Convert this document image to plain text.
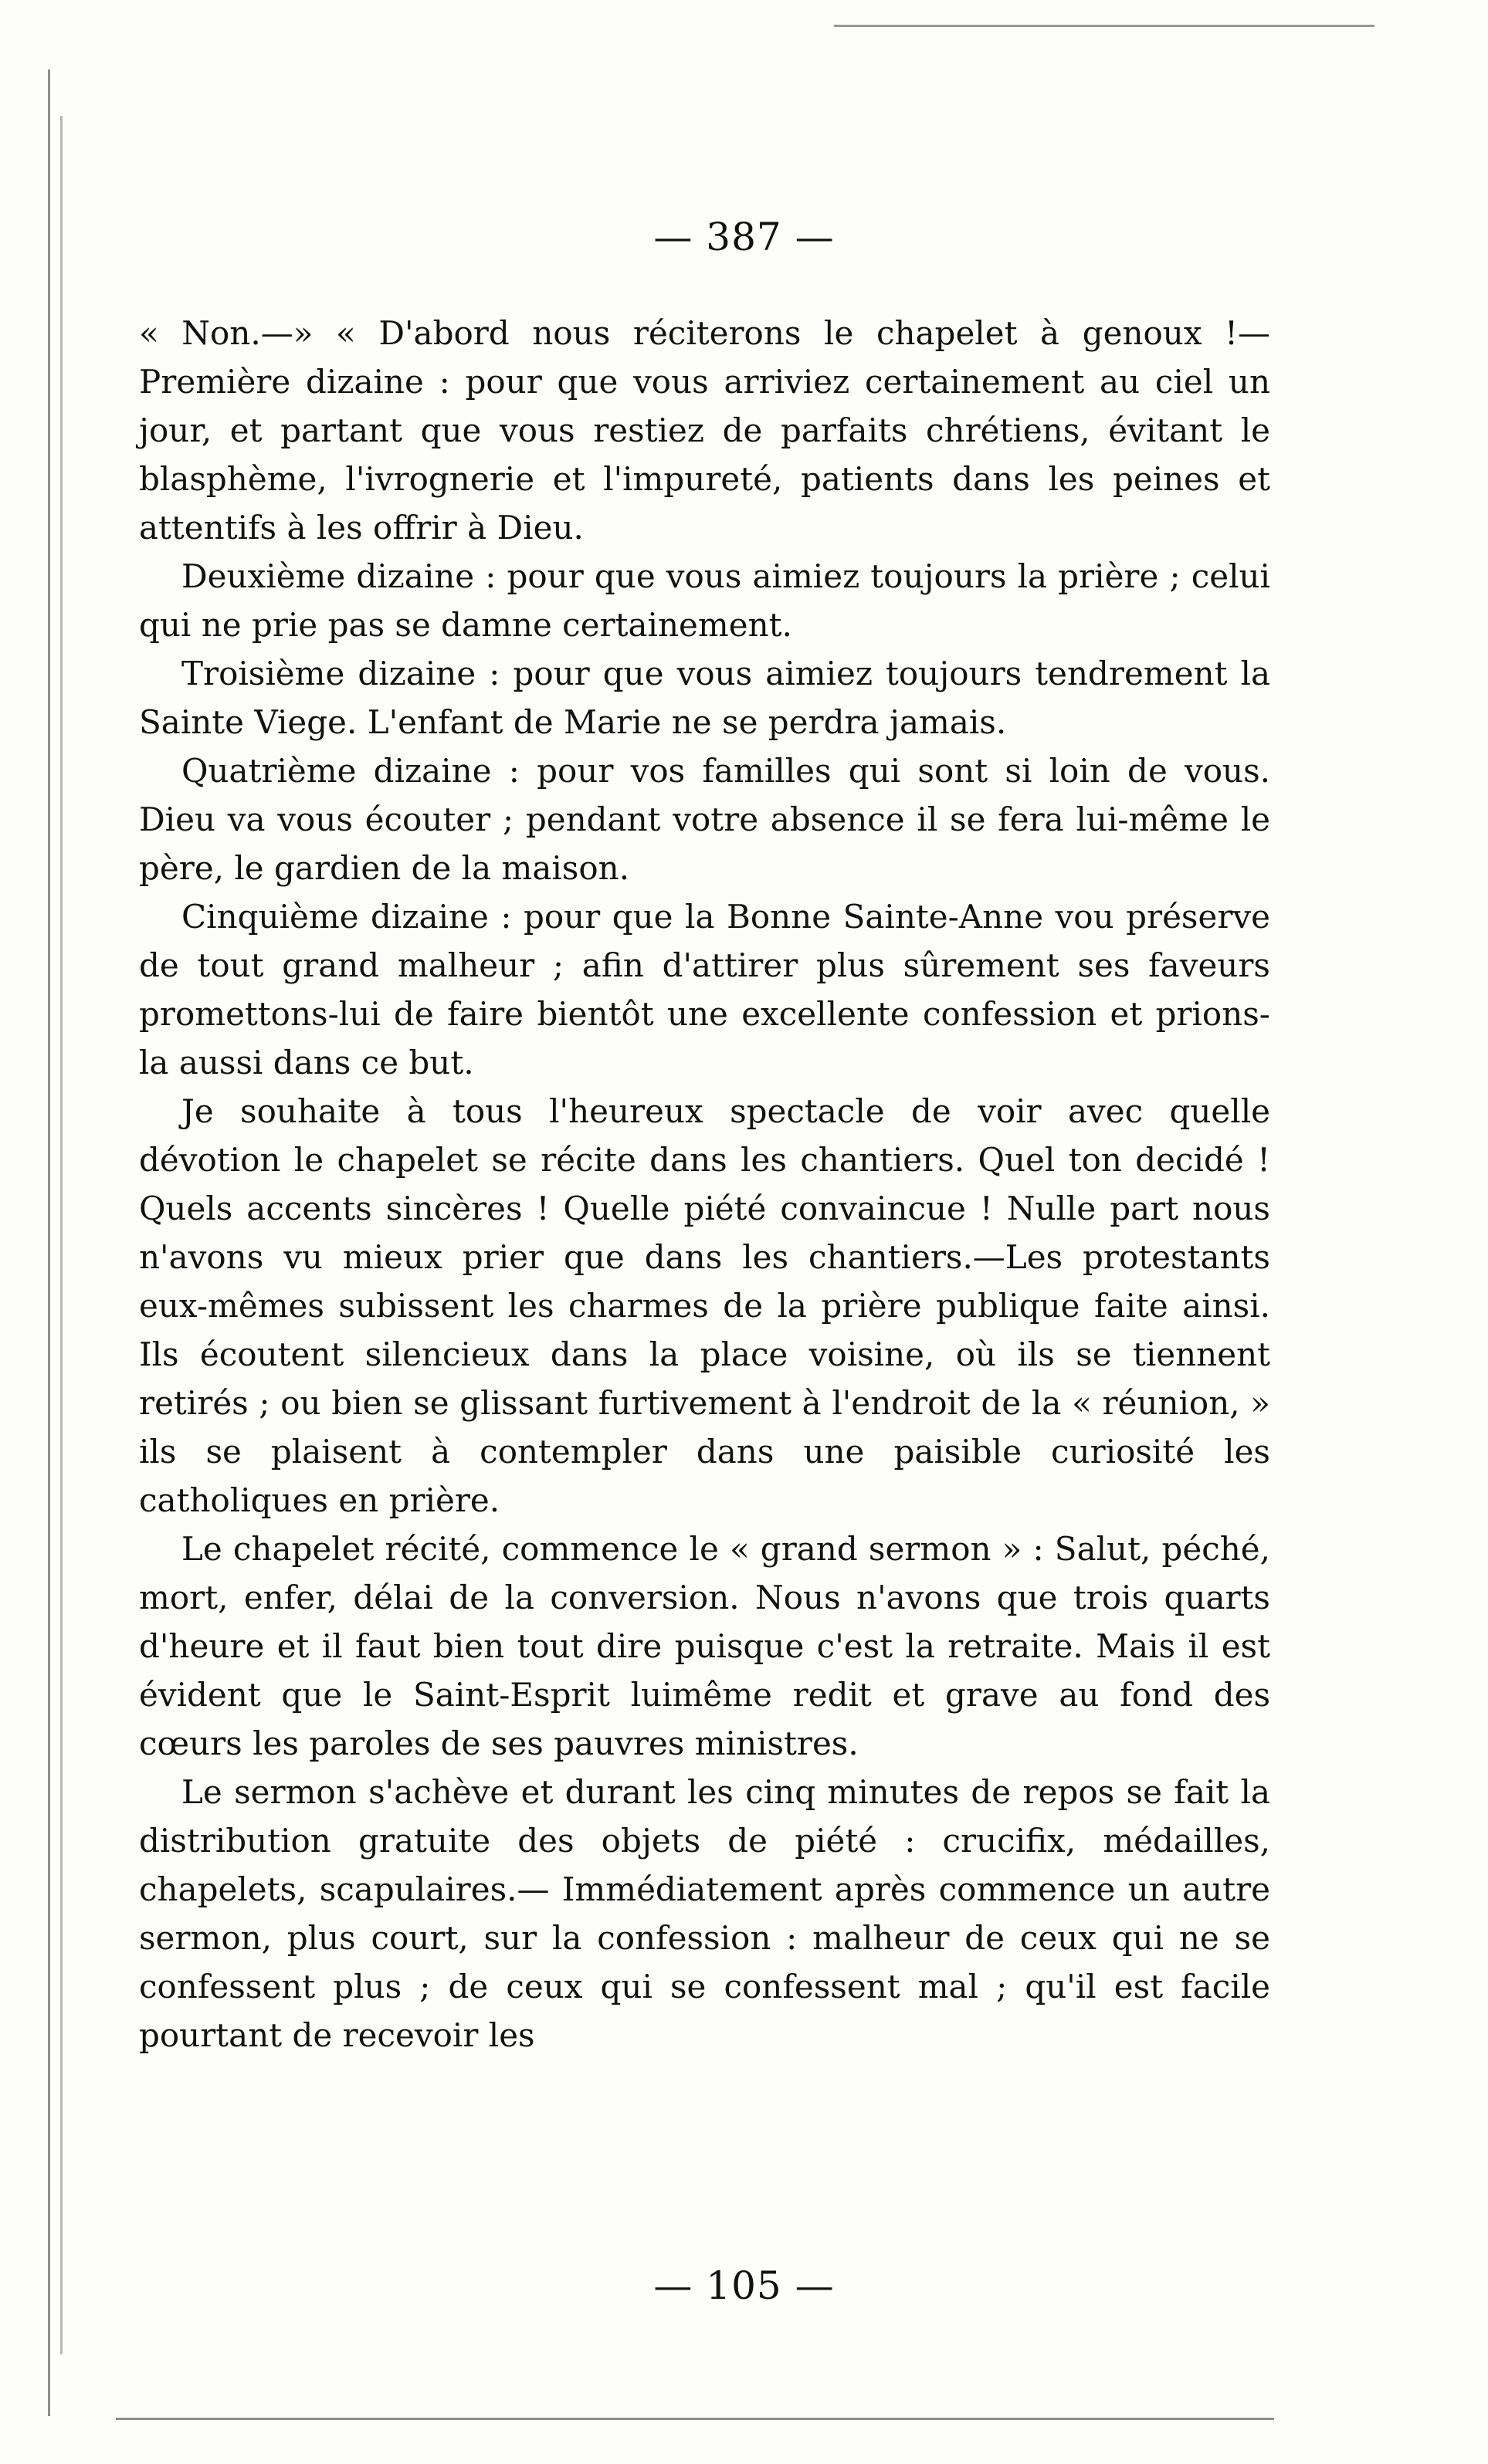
— 387 —

« Non.—» « D'abord nous réciterons le chapelet à genoux !— Première dizaine : pour que vous arriviez certainement au ciel un jour, et partant que vous restiez de parfaits chrétiens, évitant le blasphème, l'ivrognerie et l'impureté, patients dans les peines et attentifs à les offrir à Dieu.

Deuxième dizaine : pour que vous aimiez toujours la prière ; celui qui ne prie pas se damne certainement.

Troisième dizaine : pour que vous aimiez toujours tendrement la Sainte Viege. L'enfant de Marie ne se perdra jamais.

Quatrième dizaine : pour vos familles qui sont si loin de vous. Dieu va vous écouter ; pendant votre absence il se fera lui-même le père, le gardien de la maison.

Cinquième dizaine : pour que la Bonne Sainte-Anne vou préserve de tout grand malheur ; afin d'attirer plus sûrement ses faveurs promettons-lui de faire bientôt une excellente confession et prions-la aussi dans ce but.

Je souhaite à tous l'heureux spectacle de voir avec quelle dévotion le chapelet se récite dans les chantiers. Quel ton decidé ! Quels accents sincères ! Quelle piété convaincue ! Nulle part nous n'avons vu mieux prier que dans les chantiers.—Les protestants eux-mêmes subissent les charmes de la prière publique faite ainsi. Ils écoutent silencieux dans la place voisine, où ils se tiennent retirés ; ou bien se glissant furtivement à l'endroit de la « réunion, » ils se plaisent à contempler dans une paisible curiosité les catholiques en prière.

Le chapelet récité, commence le « grand sermon » : Salut, péché, mort, enfer, délai de la conversion. Nous n'avons que trois quarts d'heure et il faut bien tout dire puisque c'est la retraite. Mais il est évident que le Saint-Esprit luimême redit et grave au fond des cœurs les paroles de ses pauvres ministres.

Le sermon s'achève et durant les cinq minutes de repos se fait la distribution gratuite des objets de piété : crucifix, médailles, chapelets, scapulaires.— Immédiatement après commence un autre sermon, plus court, sur la confession : malheur de ceux qui ne se confessent plus ; de ceux qui se confessent mal ; qu'il est facile pourtant de recevoir les

— 105 —
